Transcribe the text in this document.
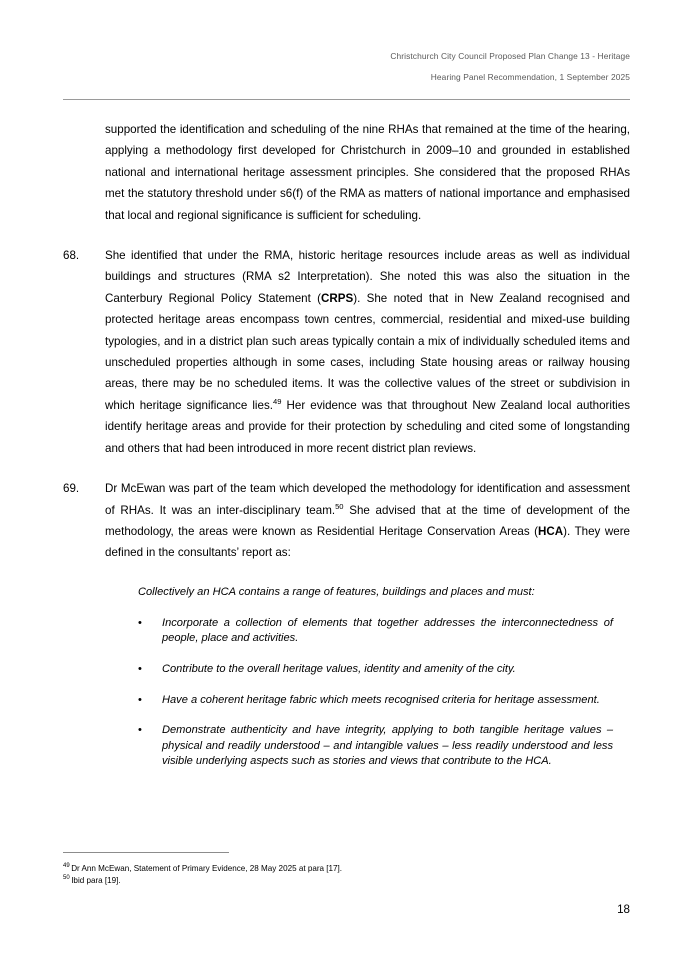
Christchurch City Council Proposed Plan Change 13 - Heritage
Hearing Panel Recommendation, 1 September 2025

supported the identification and scheduling of the nine RHAs that remained at the time of the hearing, applying a methodology first developed for Christchurch in 2009–10 and grounded in established national and international heritage assessment principles. She considered that the proposed RHAs met the statutory threshold under s6(f) of the RMA as matters of national importance and emphasised that local and regional significance is sufficient for scheduling.

68.	She identified that under the RMA, historic heritage resources include areas as well as individual buildings and structures (RMA s2 Interpretation). She noted this was also the situation in the Canterbury Regional Policy Statement (CRPS). She noted that in New Zealand recognised and protected heritage areas encompass town centres, commercial, residential and mixed-use building typologies, and in a district plan such areas typically contain a mix of individually scheduled items and unscheduled properties although in some cases, including State housing areas or railway housing areas, there may be no scheduled items. It was the collective values of the street or subdivision in which heritage significance lies.$^{49}$ Her evidence was that throughout New Zealand local authorities identify heritage areas and provide for their protection by scheduling and cited some of longstanding and others that had been introduced in more recent district plan reviews.
69.	Dr McEwan was part of the team which developed the methodology for identification and assessment of RHAs. It was an inter-disciplinary team.$^{50}$ She advised that at the time of development of the methodology, the areas were known as Residential Heritage Conservation Areas (HCA). They were defined in the consultants’ report as:

Collectively an HCA contains a range of features, buildings and places and must:

• Incorporate a collection of elements that together addresses the interconnectedness of people, place and activities.
• Contribute to the overall heritage values, identity and amenity of the city.
• Have a coherent heritage fabric which meets recognised criteria for heritage assessment.
• Demonstrate authenticity and have integrity, applying to both tangible heritage values – physical and readily understood – and intangible values – less readily understood and less visible underlying aspects such as stories and views that contribute to the HCA.
$^{49}$ Dr Ann McEwan, Statement of Primary Evidence, 28 May 2025 at para [17].
$^{50}$ Ibid para [19].
18
